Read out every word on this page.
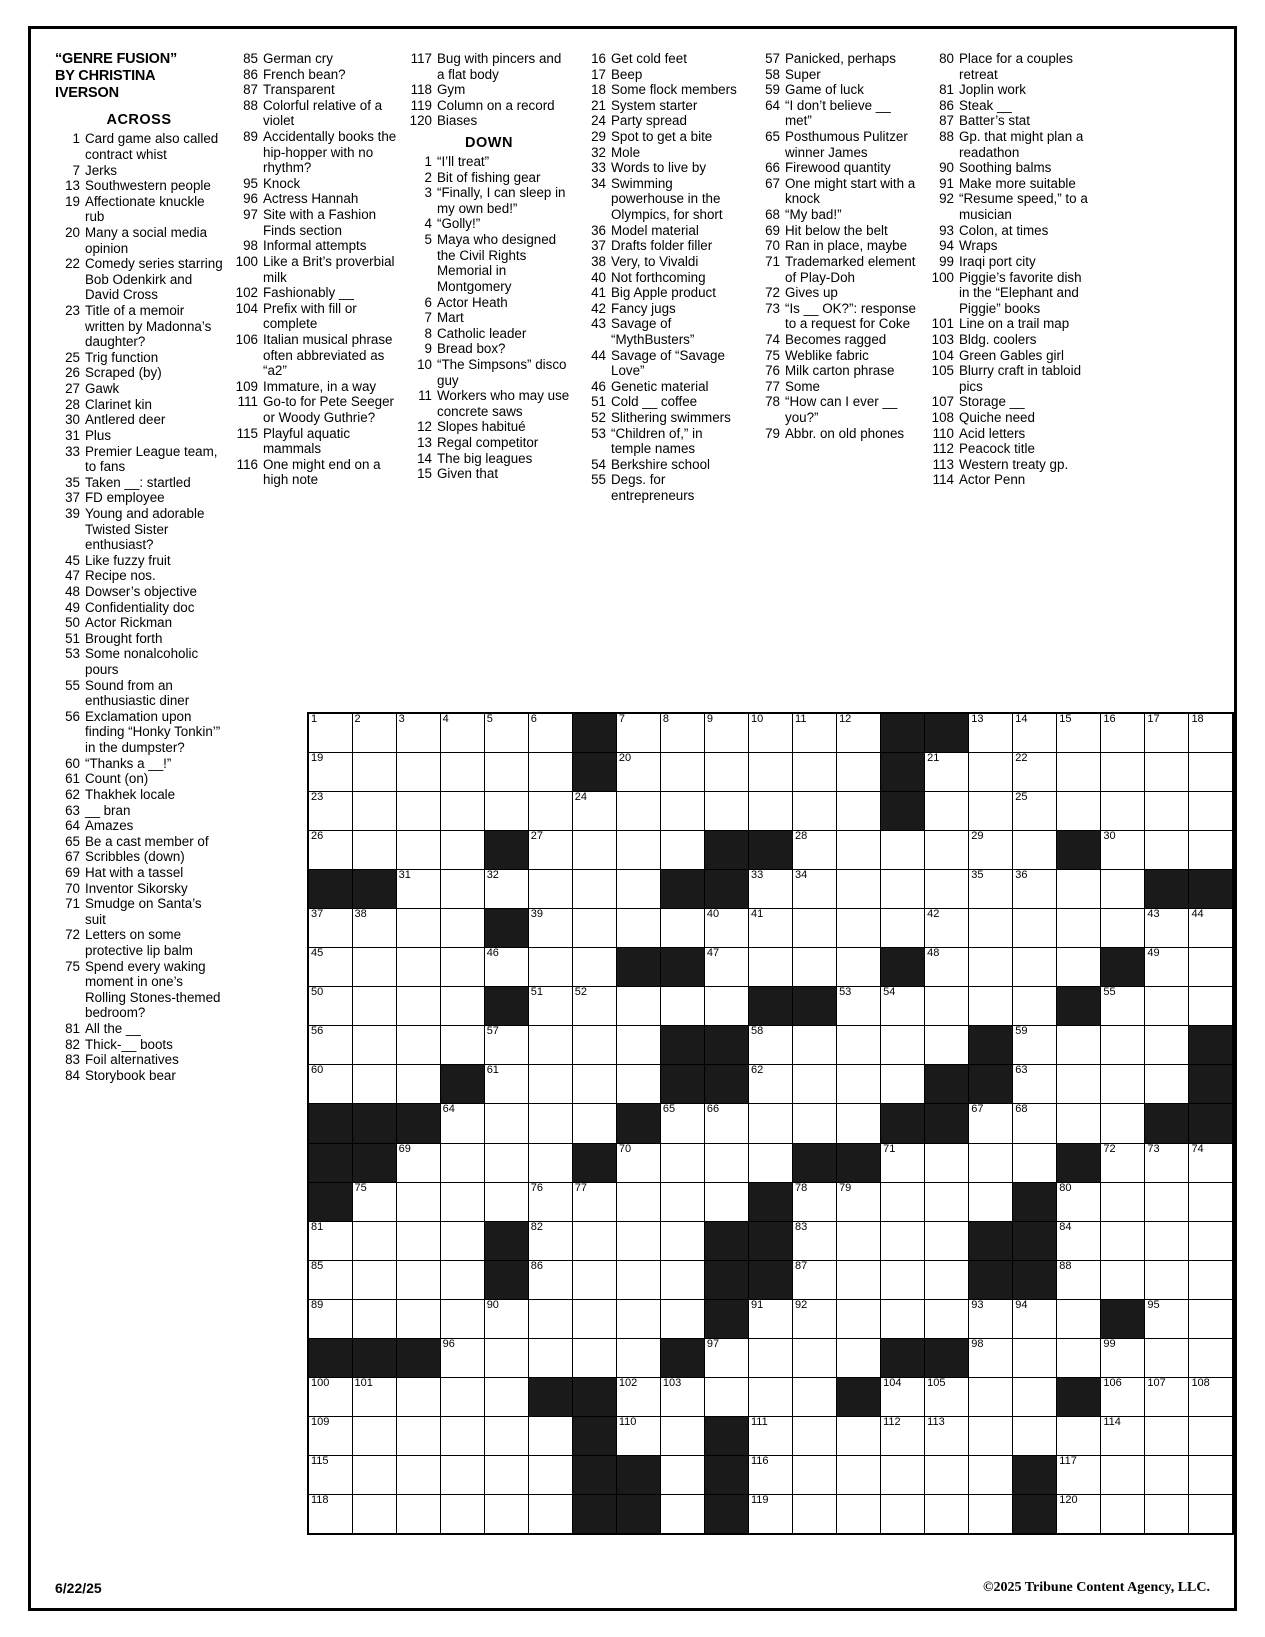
“GENRE FUSION”
BY CHRISTINA
IVERSON
ACROSS
1 Card game also called contract whist
7 Jerks
13 Southwestern people
19 Affectionate knuckle rub
20 Many a social media opinion
22 Comedy series starring Bob Odenkirk and David Cross
23 Title of a memoir written by Madonna’s daughter?
25 Trig function
26 Scraped (by)
27 Gawk
28 Clarinet kin
30 Antlered deer
31 Plus
33 Premier League team, to fans
35 Taken __: startled
37 FD employee
39 Young and adorable Twisted Sister enthusiast?
45 Like fuzzy fruit
47 Recipe nos.
48 Dowser’s objective
49 Confidentiality doc
50 Actor Rickman
51 Brought forth
53 Some nonalcoholic pours
55 Sound from an enthusiastic diner
56 Exclamation upon finding “Honky Tonkin’” in the dumpster?
60 “Thanks a __!”
61 Count (on)
62 Thakhek locale
63 __ bran
64 Amazes
65 Be a cast member of
67 Scribbles (down)
69 Hat with a tassel
70 Inventor Sikorsky
71 Smudge on Santa’s suit
72 Letters on some protective lip balm
75 Spend every waking moment in one’s Rolling Stones-themed bedroom?
81 All the __
82 Thick-__ boots
83 Foil alternatives
84 Storybook bear
85 German cry
86 French bean?
87 Transparent
88 Colorful relative of a violet
89 Accidentally books the hip-hopper with no rhythm?
95 Knock
96 Actress Hannah
97 Site with a Fashion Finds section
98 Informal attempts
100 Like a Brit’s proverbial milk
102 Fashionably __
104 Prefix with fill or complete
106 Italian musical phrase often abbreviated as “a2”
109 Immature, in a way
111 Go-to for Pete Seeger or Woody Guthrie?
115 Playful aquatic mammals
116 One might end on a high note
117 Bug with pincers and a flat body
118 Gym
119 Column on a record
120 Biases
DOWN
1 “I’ll treat”
2 Bit of fishing gear
3 “Finally, I can sleep in my own bed!”
4 “Golly!”
5 Maya who designed the Civil Rights Memorial in Montgomery
6 Actor Heath
7 Mart
8 Catholic leader
9 Bread box?
10 “The Simpsons” disco guy
11 Workers who may use concrete saws
12 Slopes habitué
13 Regal competitor
14 The big leagues
15 Given that
16 Get cold feet
17 Beep
18 Some flock members
21 System starter
24 Party spread
29 Spot to get a bite
32 Mole
33 Words to live by
34 Swimming powerhouse in the Olympics, for short
36 Model material
37 Drafts folder filler
38 Very, to Vivaldi
40 Not forthcoming
41 Big Apple product
42 Fancy jugs
43 Savage of “MythBusters”
44 Savage of “Savage Love”
46 Genetic material
51 Cold __ coffee
52 Slithering swimmers
53 “Children of,” in temple names
54 Berkshire school
55 Degs. for entrepreneurs
57 Panicked, perhaps
58 Super
59 Game of luck
64 “I don’t believe __ met”
65 Posthumous Pulitzer winner James
66 Firewood quantity
67 One might start with a knock
68 “My bad!”
69 Hit below the belt
70 Ran in place, maybe
71 Trademarked element of Play-Doh
72 Gives up
73 “Is __ OK?”: response to a request for Coke
74 Becomes ragged
75 Weblike fabric
76 Milk carton phrase
77 Some
78 “How can I ever __ you?”
79 Abbr. on old phones
80 Place for a couples retreat
81 Joplin work
86 Steak __
87 Batter’s stat
88 Gp. that might plan a readathon
90 Soothing balms
91 Make more suitable
92 “Resume speed,” to a musician
93 Colon, at times
94 Wraps
99 Iraqi port city
100 Piggie’s favorite dish in the “Elephant and Piggie” books
101 Line on a trail map
103 Bldg. coolers
104 Green Gables girl
105 Blurry craft in tabloid pics
107 Storage __
108 Quiche need
110 Acid letters
112 Peacock title
113 Western treaty gp.
114 Actor Penn
1	2	3	4	5	6		7	8	9	10	11	12			13	14	15	16	17	18

19							20							21		22				

23						24										25				

26					27						28				29			30		

		31		32						33	34				35	36				

37	38				39				40	41				42					43	44

45				46					47					48					49	

50					51	52						53	54					55		

56				57						58						59				

60				61						62						63				

			64					65	66						67	68				

		69					70						71					72	73	74

	75				76	77					78	79					80			

81					82						83						84			

85					86						87						88			

89				90						91	92				93	94			95	

			96						97						98			99		

100	101						102	103					104	105				106	107	108

109							110			111			112	113				114		

115										116							117			

118										119							120			

6/22/25	©2025 Tribune Content Agency, LLC.
